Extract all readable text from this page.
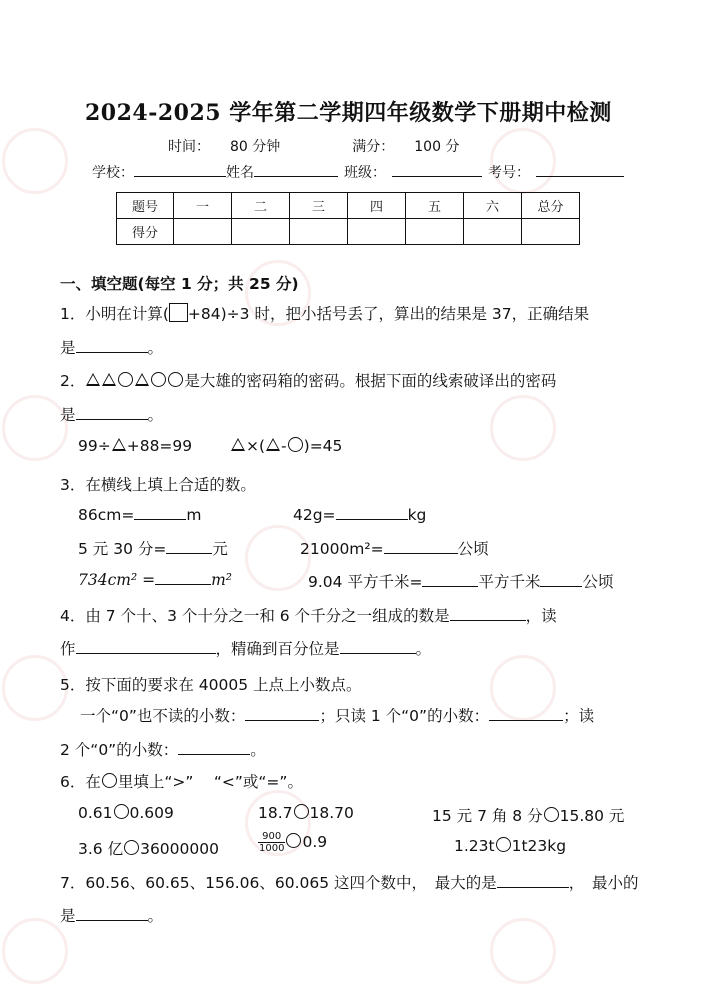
2024-2025 学年第二学期四年级数学下册期中检测
时间： 80 分钟	满分： 100 分
学校：	姓名	班级：	考号：
题号	一	二	三	四	五	六	总分
得分							
一、填空题(每空 1 分；共 25 分)
1．小明在计算( +84)÷3 时，把小括号丢了，算出的结果是 37，正确结果
是	。
2．	是大雄的密码箱的密码。根据下面的线索破译出的密码
是	。
99÷ +88=99	×( - )=45
3．在横线上填上合适的数。
86cm=	m	42g=	kg
5 元 30 分=	元	21000m²=	公顷
734cm² =	m²	9.04 平方千米=	平方千米	公顷
4．由 7 个十、3 个十分之一和 6 个千分之一组成的数是	，读
作	，精确到百分位是	。
5．按下面的要求在 40005 上点上小数点。
一个“0”也不读的小数：	；只读 1 个“0”的小数：	；读
2 个“0”的小数：	。
6．在 里填上“>”　 “<”或“=”。
0.61 0.609	18.7 18.70	15 元 7 角 8 分 15.80 元
3.6 亿 36000000	$\frac{900}{1000} 0.9$	1.23t 1t23kg
7．60.56、60.65、156.06、60.065 这四个数中，　最大的是	，　最小的
是	。
